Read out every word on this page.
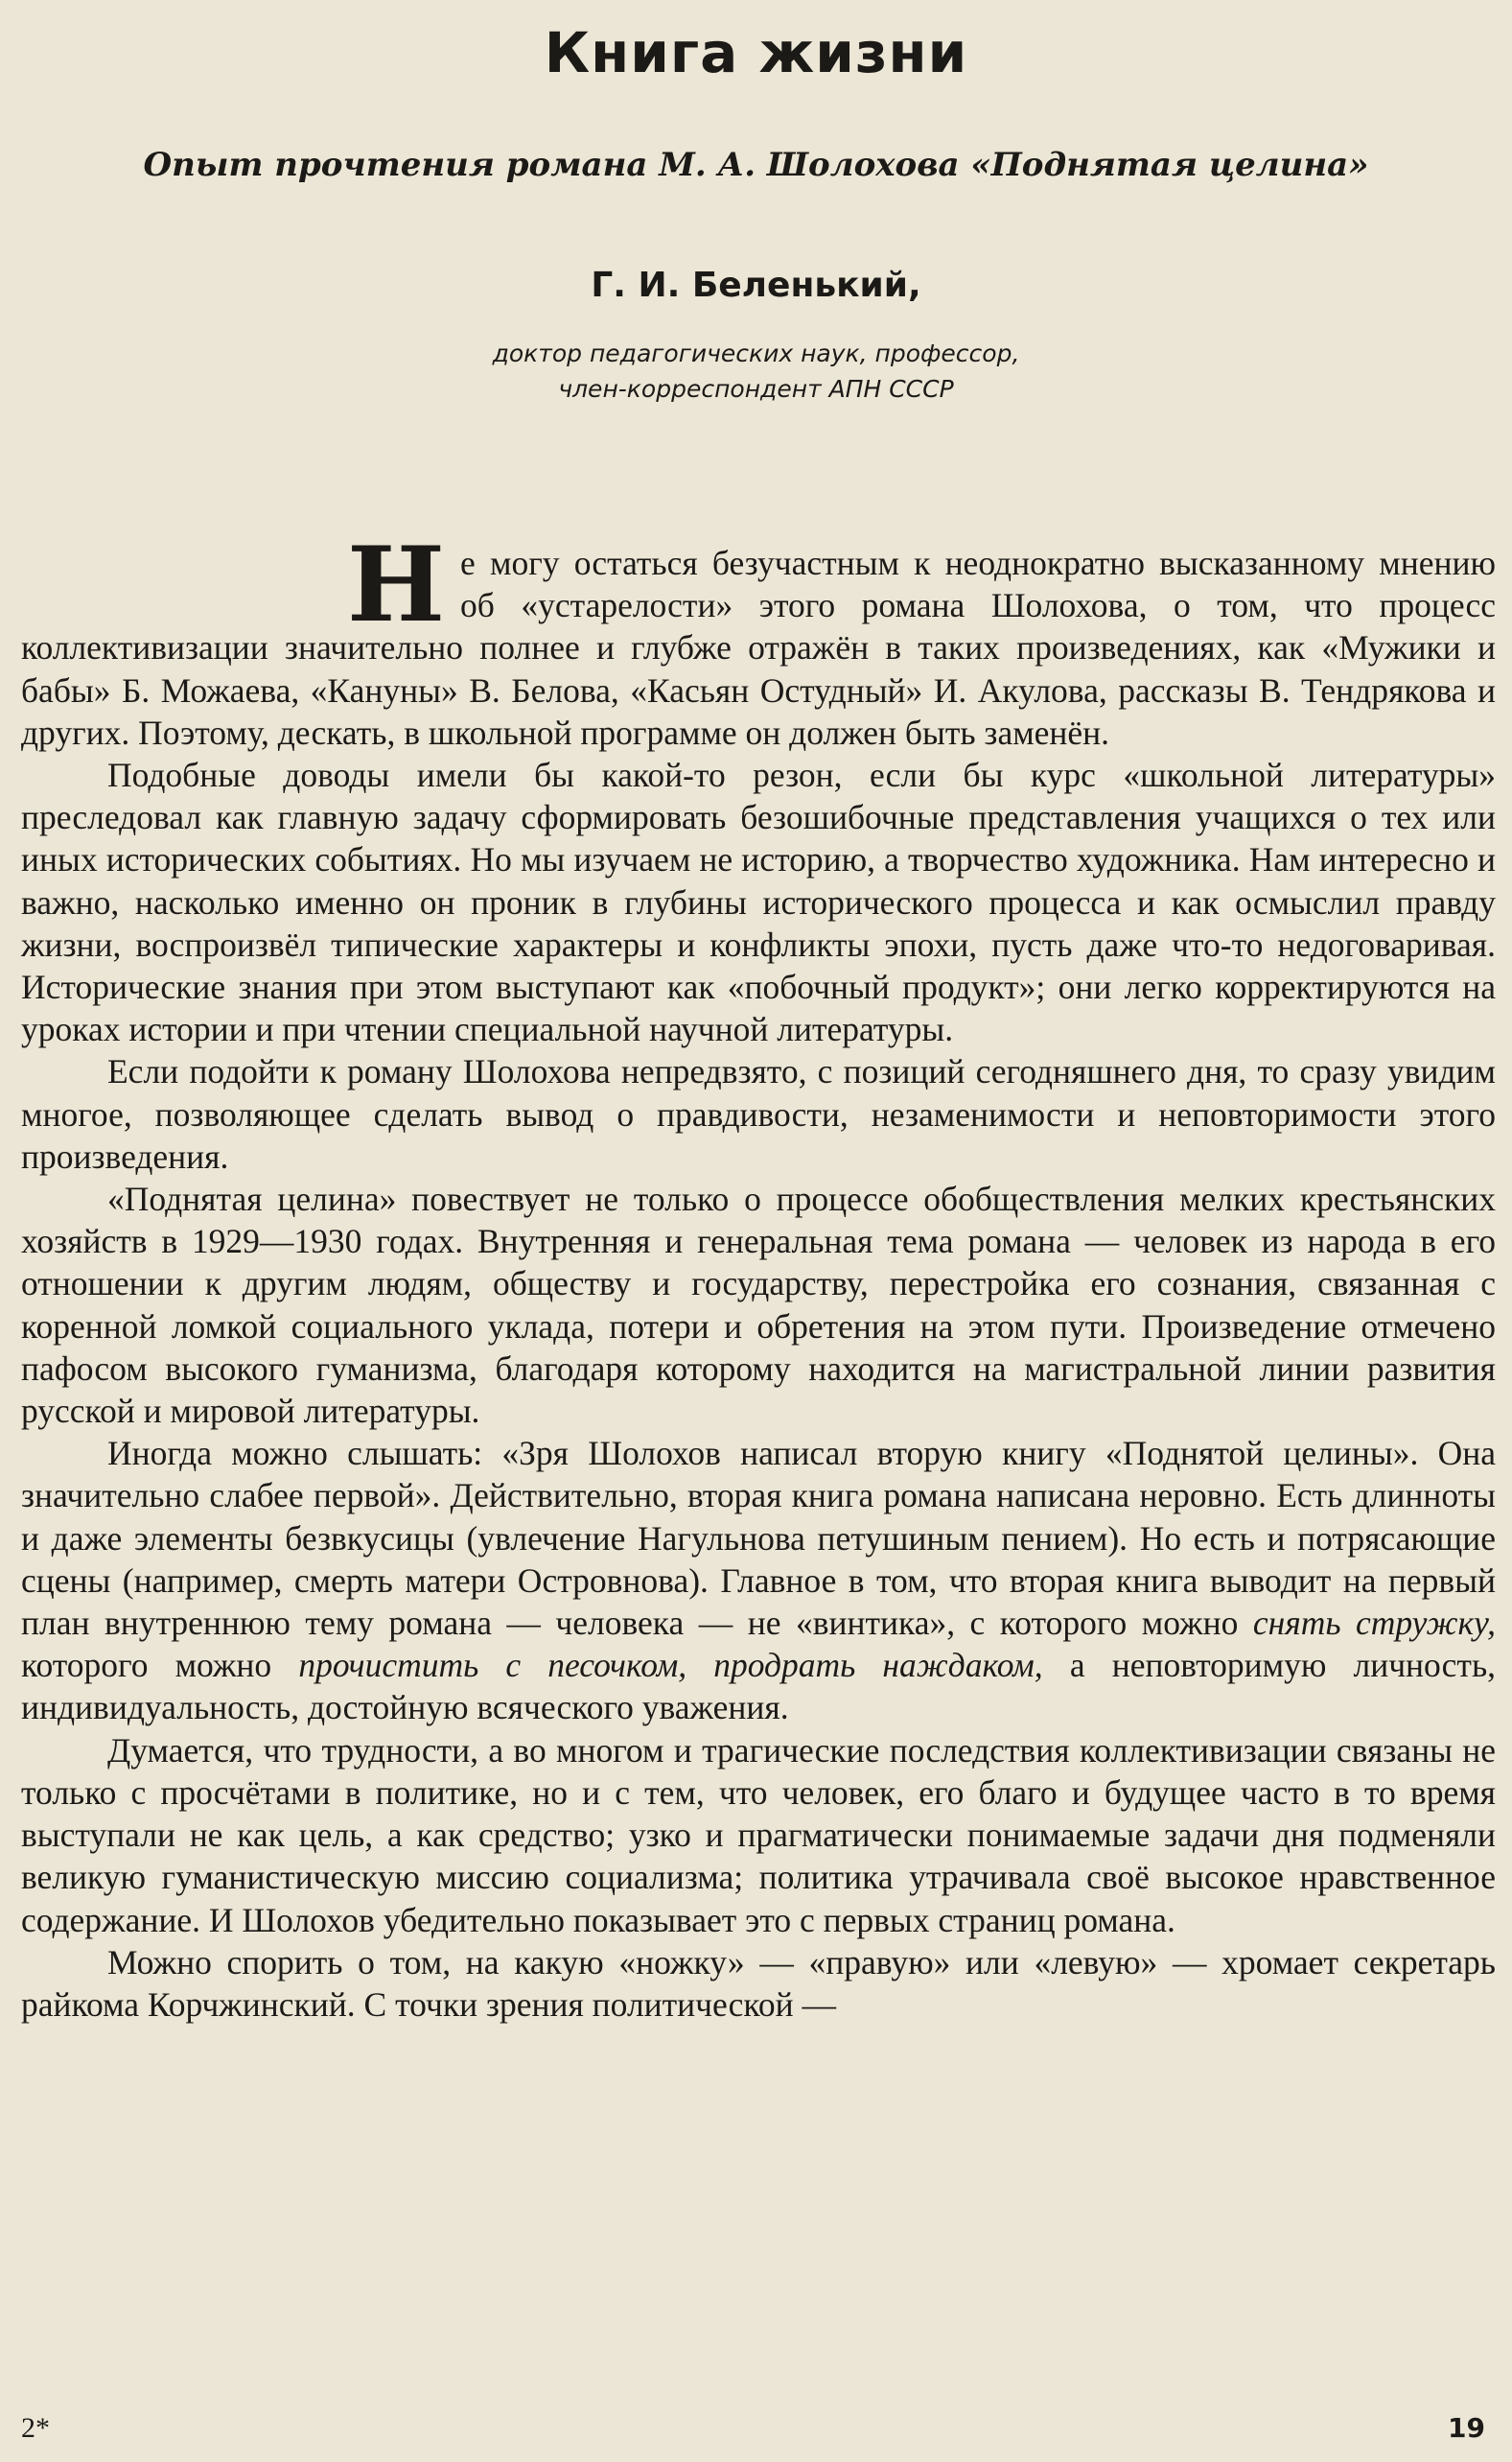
Книга жизни
Опыт прочтения романа М. А. Шолохова «Поднятая целина»
Г. И. Беленький,
доктор педагогических наук, профессор,
член-корреспондент АПН СССР

Не могу остаться безучастным к неоднократно высказанному мнению об «устарелости» этого романа Шолохова, о том, что процесс коллективизации значительно полнее и глубже отражён в таких произведениях, как «Мужики и бабы» Б. Можаева, «Кануны» В. Белова, «Касьян Остудный» И. Акулова, рассказы В. Тендрякова и других. Поэтому, дескать, в школьной программе он должен быть заменён.

Подобные доводы имели бы какой-то резон, если бы курс «школьной литературы» преследовал как главную задачу сформировать безошибочные представления учащихся о тех или иных исторических событиях. Но мы изучаем не историю, а творчество художника. Нам интересно и важно, насколько именно он проник в глубины исторического процесса и как осмыслил правду жизни, воспроизвёл типические характеры и конфликты эпохи, пусть даже что-то недоговаривая. Исторические знания при этом выступают как «побочный продукт»; они легко корректируются на уроках истории и при чтении специальной научной литературы.

Если подойти к роману Шолохова непредвзято, с позиций сегодняшнего дня, то сразу увидим многое, позволяющее сделать вывод о правдивости, незаменимости и неповторимости этого произведения.

«Поднятая целина» повествует не только о процессе обобществления мелких крестьянских хозяйств в 1929—1930 годах. Внутренняя и генеральная тема романа — человек из народа в его отношении к другим людям, обществу и государству, перестройка его сознания, связанная с коренной ломкой социального уклада, потери и обретения на этом пути. Произведение отмечено пафосом высокого гуманизма, благодаря которому находится на магистральной линии развития русской и мировой литературы.

Иногда можно слышать: «Зря Шолохов написал вторую книгу «Поднятой целины». Она значительно слабее первой». Действительно, вторая книга романа написана неровно. Есть длинноты и даже элементы безвкусицы (увлечение Нагульнова петушиным пением). Но есть и потрясающие сцены (например, смерть матери Островнова). Главное в том, что вторая книга выводит на первый план внутреннюю тему романа — человека — не «винтика», с которого можно снять стружку, которого можно прочистить с песочком, продрать наждаком, а неповторимую личность, индивидуальность, достойную всяческого уважения.

Думается, что трудности, а во многом и трагические последствия коллективизации связаны не только с просчётами в политике, но и с тем, что человек, его благо и будущее часто в то время выступали не как цель, а как средство; узко и прагматически понимаемые задачи дня подменяли великую гуманистическую миссию социализма; политика утрачивала своё высокое нравственное содержание. И Шолохов убедительно показывает это с первых страниц романа.

Можно спорить о том, на какую «ножку» — «правую» или «левую» — хромает секретарь райкома Корчжинский. С точки зрения политической —

2*	19
